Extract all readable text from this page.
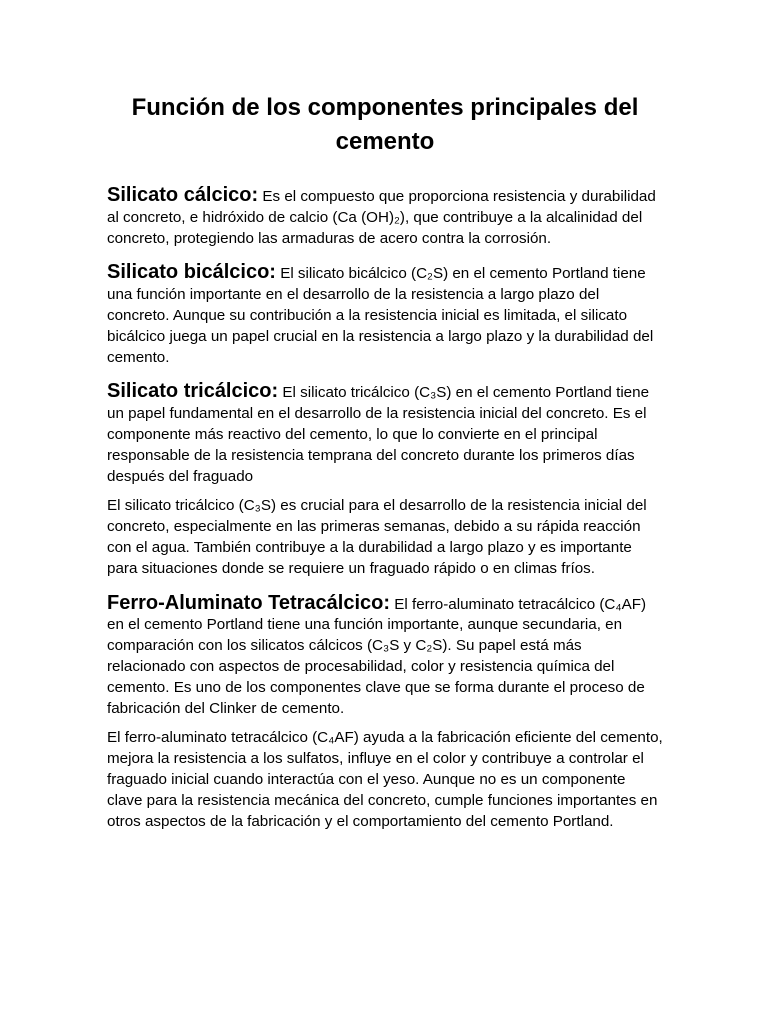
Función de los componentes principales del cemento

Silicato cálcico: Es el compuesto que proporciona resistencia y durabilidad al concreto, e hidróxido de calcio (Ca (OH)₂), que contribuye a la alcalinidad del concreto, protegiendo las armaduras de acero contra la corrosión.

Silicato bicálcico: El silicato bicálcico (C₂S) en el cemento Portland tiene una función importante en el desarrollo de la resistencia a largo plazo del concreto. Aunque su contribución a la resistencia inicial es limitada, el silicato bicálcico juega un papel crucial en la resistencia a largo plazo y la durabilidad del cemento.

Silicato tricálcico: El silicato tricálcico (C₃S) en el cemento Portland tiene un papel fundamental en el desarrollo de la resistencia inicial del concreto. Es el componente más reactivo del cemento, lo que lo convierte en el principal responsable de la resistencia temprana del concreto durante los primeros días después del fraguado

El silicato tricálcico (C₃S) es crucial para el desarrollo de la resistencia inicial del concreto, especialmente en las primeras semanas, debido a su rápida reacción con el agua. También contribuye a la durabilidad a largo plazo y es importante para situaciones donde se requiere un fraguado rápido o en climas fríos.

Ferro-Aluminato Tetracálcico: El ferro-aluminato tetracálcico (C₄AF) en el cemento Portland tiene una función importante, aunque secundaria, en comparación con los silicatos cálcicos (C₃S y C₂S). Su papel está más relacionado con aspectos de procesabilidad, color y resistencia química del cemento. Es uno de los componentes clave que se forma durante el proceso de fabricación del Clinker de cemento.

El ferro-aluminato tetracálcico (C₄AF) ayuda a la fabricación eficiente del cemento, mejora la resistencia a los sulfatos, influye en el color y contribuye a controlar el fraguado inicial cuando interactúa con el yeso. Aunque no es un componente clave para la resistencia mecánica del concreto, cumple funciones importantes en otros aspectos de la fabricación y el comportamiento del cemento Portland.
